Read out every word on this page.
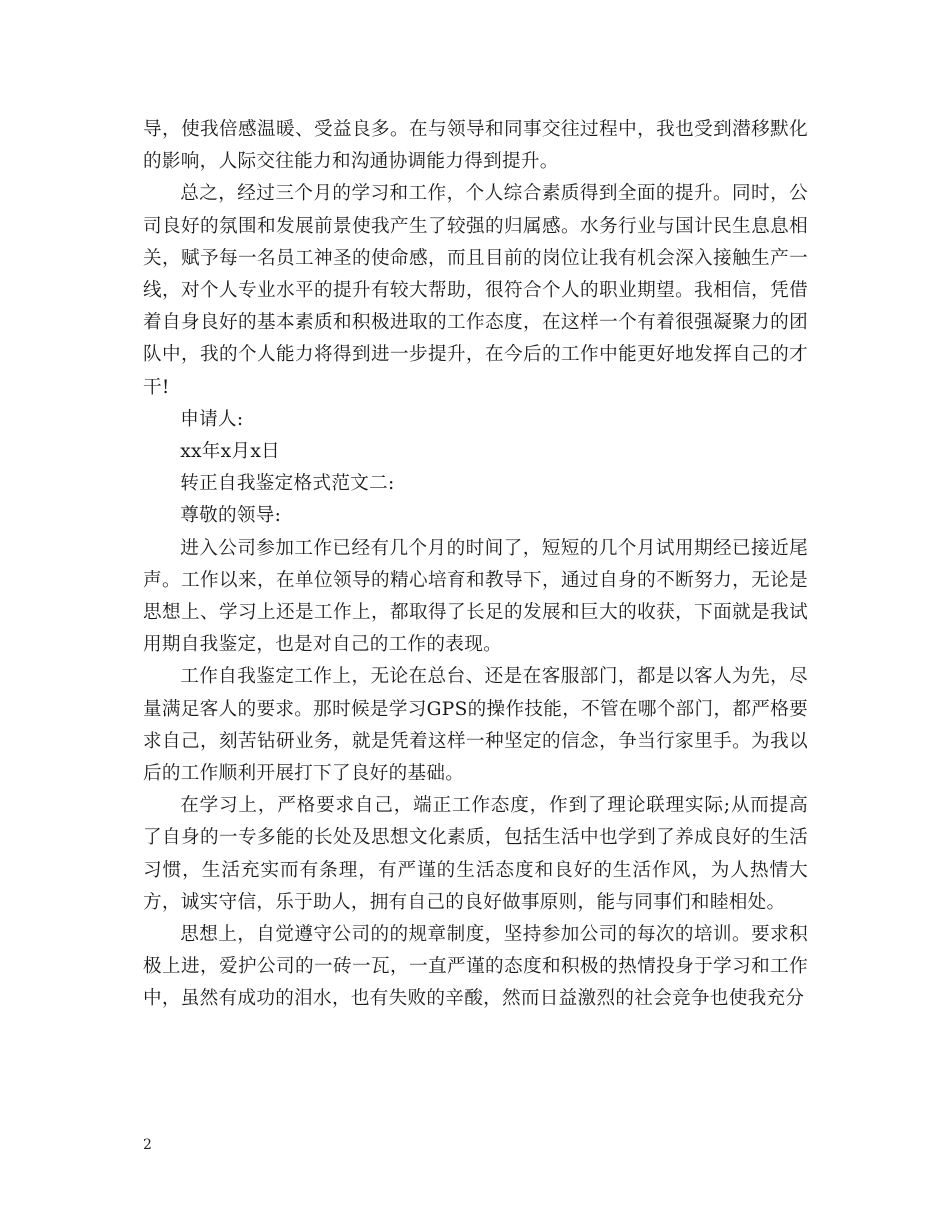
导，使我倍感温暖、受益良多。在与领导和同事交往过程中，我也受到潜移默化的影响，人际交往能力和沟通协调能力得到提升。

总之，经过三个月的学习和工作，个人综合素质得到全面的提升。同时，公司良好的氛围和发展前景使我产生了较强的归属感。水务行业与国计民生息息相关，赋予每一名员工神圣的使命感，而且目前的岗位让我有机会深入接触生产一线，对个人专业水平的提升有较大帮助，很符合个人的职业期望。我相信，凭借着自身良好的基本素质和积极进取的工作态度，在这样一个有着很强凝聚力的团队中，我的个人能力将得到进一步提升，在今后的工作中能更好地发挥自己的才干!

申请人:

xx年x月x日

转正自我鉴定格式范文二:

尊敬的领导:

进入公司参加工作已经有几个月的时间了，短短的几个月试用期经已接近尾声。工作以来，在单位领导的精心培育和教导下，通过自身的不断努力，无论是思想上、学习上还是工作上，都取得了长足的发展和巨大的收获，下面就是我试用期自我鉴定，也是对自己的工作的表现。

工作自我鉴定工作上，无论在总台、还是在客服部门，都是以客人为先，尽量满足客人的要求。那时候是学习GPS的操作技能，不管在哪个部门，都严格要求自己，刻苦钻研业务，就是凭着这样一种坚定的信念，争当行家里手。为我以后的工作顺利开展打下了良好的基础。

在学习上，严格要求自己，端正工作态度，作到了理论联理实际;从而提高了自身的一专多能的长处及思想文化素质，包括生活中也学到了养成良好的生活习惯，生活充实而有条理，有严谨的生活态度和良好的生活作风，为人热情大方，诚实守信，乐于助人，拥有自己的良好做事原则，能与同事们和睦相处。

思想上，自觉遵守公司的的规章制度，坚持参加公司的每次的培训。要求积极上进，爱护公司的一砖一瓦，一直严谨的态度和积极的热情投身于学习和工作中，虽然有成功的泪水，也有失败的辛酸，然而日益激烈的社会竞争也使我充分

2
